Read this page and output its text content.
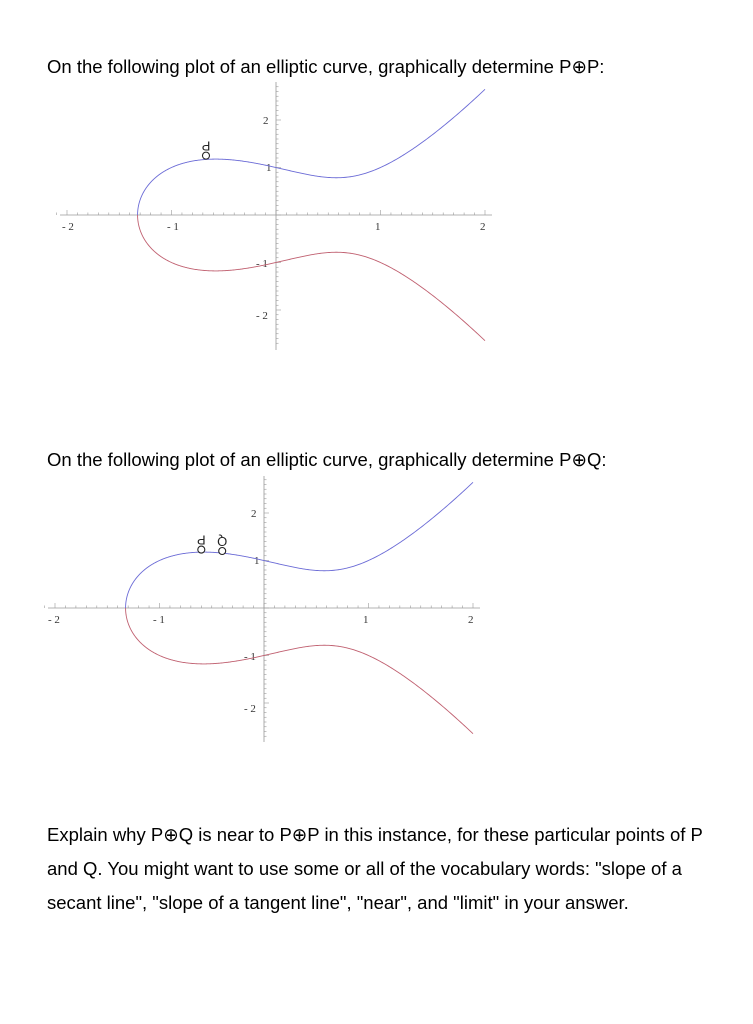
On the following plot of an elliptic curve, graphically determine P⊕P:
- 2	- 1	1	2
2
1
- 1
- 2
P
On the following plot of an elliptic curve, graphically determine P⊕Q:
- 2	- 1	1	2
2
1
- 1
- 2
P Q
Explain why P⊕Q is near to P⊕P in this instance, for these particular points of P and Q. You might want to use some or all of the vocabulary words: "slope of a secant line", "slope of a tangent line", "near", and "limit" in your answer.
